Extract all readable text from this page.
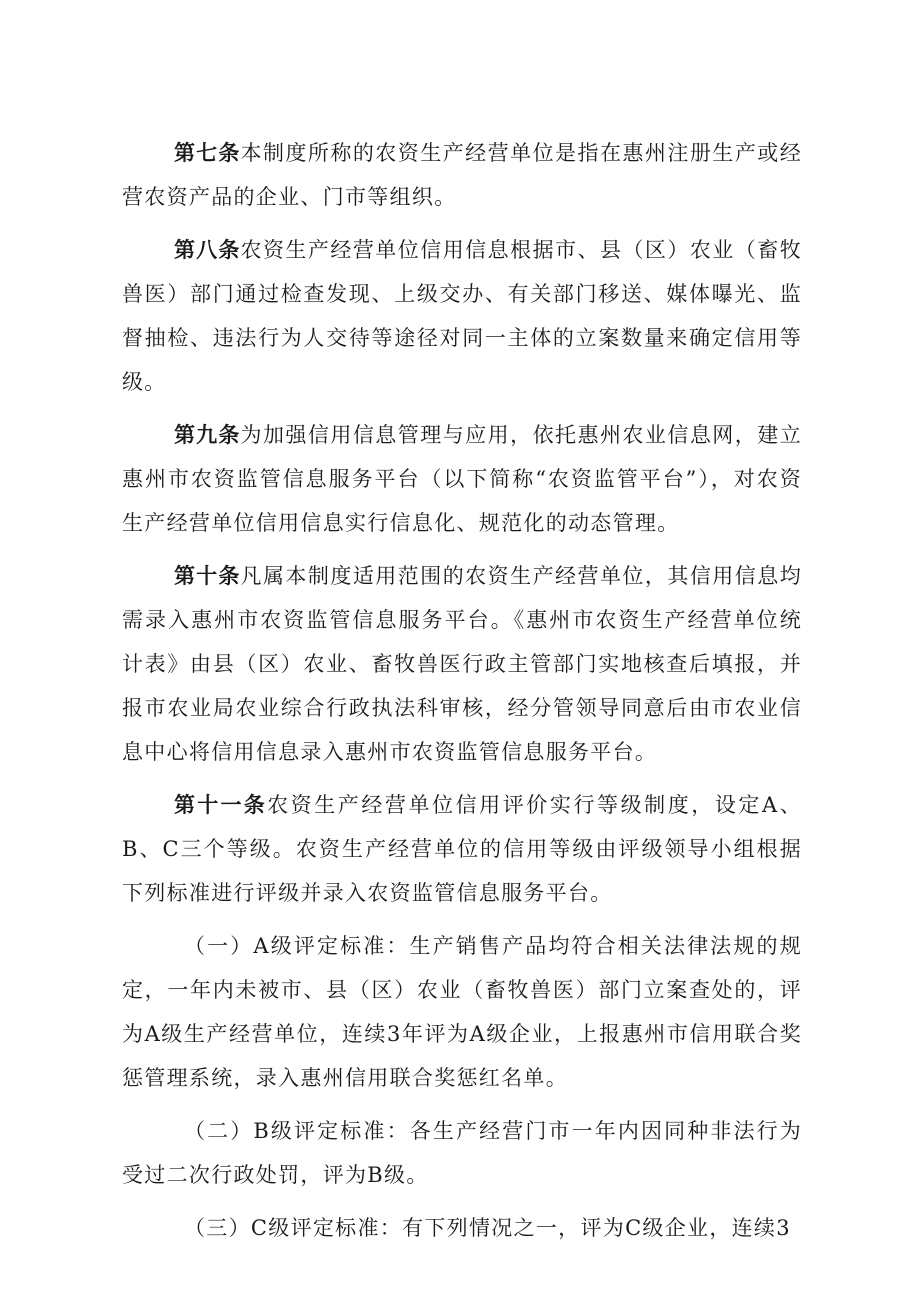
第七条本制度所称的农资生产经营单位是指在惠州注册生产或经营农资产品的企业、门市等组织。

第八条农资生产经营单位信用信息根据市、县（区）农业（畜牧兽医）部门通过检查发现、上级交办、有关部门移送、媒体曝光、监督抽检、违法行为人交待等途径对同一主体的立案数量来确定信用等级。

第九条为加强信用信息管理与应用，依托惠州农业信息网，建立惠州市农资监管信息服务平台（以下简称“农资监管平台”），对农资生产经营单位信用信息实行信息化、规范化的动态管理。

第十条凡属本制度适用范围的农资生产经营单位，其信用信息均需录入惠州市农资监管信息服务平台。《惠州市农资生产经营单位统计表》由县（区）农业、畜牧兽医行政主管部门实地核查后填报，并报市农业局农业综合行政执法科审核，经分管领导同意后由市农业信息中心将信用信息录入惠州市农资监管信息服务平台。

第十一条农资生产经营单位信用评价实行等级制度，设定A、B、C三个等级。农资生产经营单位的信用等级由评级领导小组根据下列标准进行评级并录入农资监管信息服务平台。

（一）A级评定标准：生产销售产品均符合相关法律法规的规定，一年内未被市、县（区）农业（畜牧兽医）部门立案查处的，评为A级生产经营单位，连续3年评为A级企业，上报惠州市信用联合奖惩管理系统，录入惠州信用联合奖惩红名单。

（二）B级评定标准：各生产经营门市一年内因同种非法行为受过二次行政处罚，评为B级。

（三）C级评定标准：有下列情况之一，评为C级企业，连续3
